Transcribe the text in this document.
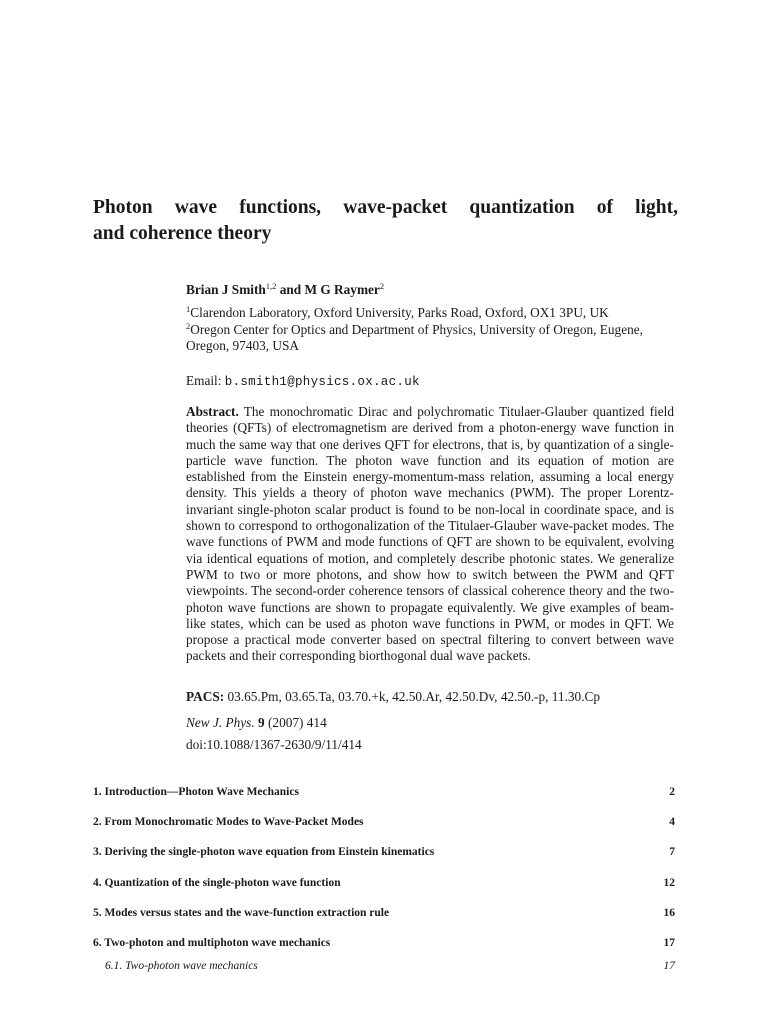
Photon wave functions, wave-packet quantization of light,
and coherence theory
Brian J Smith$^{1,2}$ and M G Raymer$^2$
$^1$Clarendon Laboratory, Oxford University, Parks Road, Oxford, OX1 3PU, UK
$^2$Oregon Center for Optics and Department of Physics, University of Oregon, Eugene, Oregon, 97403, USA
Email: b.smith1@physics.ox.ac.uk
Abstract. The monochromatic Dirac and polychromatic Titulaer-Glauber quantized field theories (QFTs) of electromagnetism are derived from a photon-energy wave function in much the same way that one derives QFT for electrons, that is, by quantization of a single-particle wave function. The photon wave function and its equation of motion are established from the Einstein energy-momentum-mass relation, assuming a local energy density. This yields a theory of photon wave mechanics (PWM). The proper Lorentz-invariant single-photon scalar product is found to be non-local in coordinate space, and is shown to correspond to orthogonalization of the Titulaer-Glauber wave-packet modes. The wave functions of PWM and mode functions of QFT are shown to be equivalent, evolving via identical equations of motion, and completely describe photonic states. We generalize PWM to two or more photons, and show how to switch between the PWM and QFT viewpoints. The second-order coherence tensors of classical coherence theory and the two-photon wave functions are shown to propagate equivalently. We give examples of beam-like states, which can be used as photon wave functions in PWM, or modes in QFT. We propose a practical mode converter based on spectral filtering to convert between wave packets and their corresponding biorthogonal dual wave packets.
PACS: 03.65.Pm, 03.65.Ta, 03.70.+k, 42.50.Ar, 42.50.Dv, 42.50.-p, 11.30.Cp
New J. Phys. 9 (2007) 414
doi:10.1088/1367-2630/9/11/414
1. Introduction—Photon Wave Mechanics	2
2. From Monochromatic Modes to Wave-Packet Modes	4
3. Deriving the single-photon wave equation from Einstein kinematics	7
4. Quantization of the single-photon wave function	12
5. Modes versus states and the wave-function extraction rule	16
6. Two-photon and multiphoton wave mechanics	17
6.1. Two-photon wave mechanics	17
